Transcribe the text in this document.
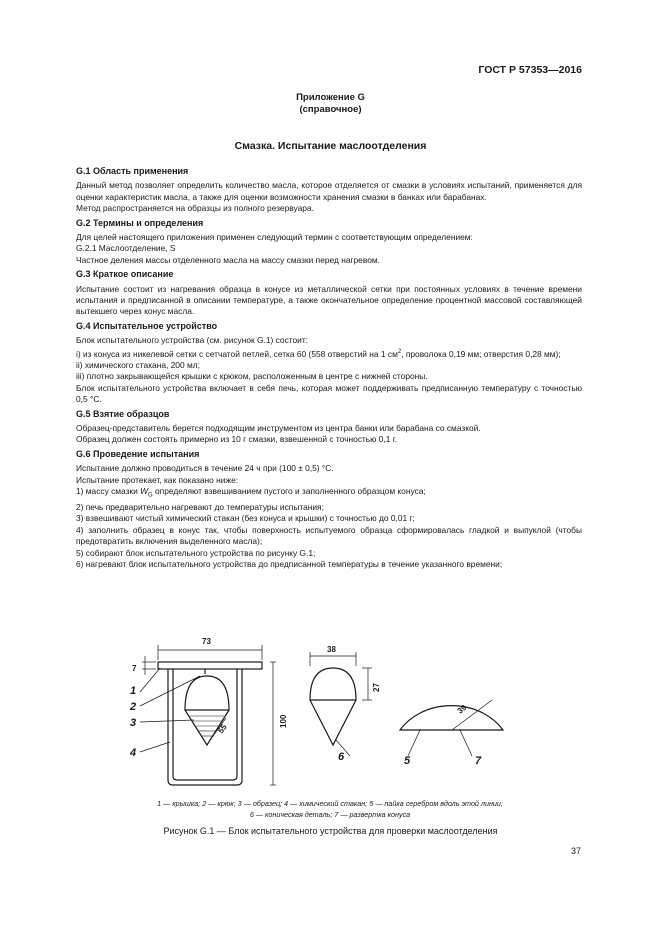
ГОСТ Р 57353—2016
Приложение G
(справочное)
Смазка. Испытание маслоотделения
G.1 Область применения
Данный метод позволяет определить количество масла, которое отделяется от смазки в условиях испытаний, применяется для оценки характеристик масла, а также для оценки возможности хранения смазки в банках или барабанах.
Метод распространяется на образцы из полного резервуара.
G.2 Термины и определения
Для целей настоящего приложения применен следующий термин с соответствующим определением:
G.2.1 Маслоотделение, S
Частное деления массы отделенного масла на массу смазки перед нагревом.
G.3 Краткое описание
Испытание состоит из нагревания образца в конусе из металлической сетки при постоянных условиях в течение времени испытания и предписанной в описании температуре, а также окончательное определение процентной массовой составляющей вытекшего через конус масла.
G.4 Испытательное устройство
Блок испытательного устройства (см. рисунок G.1) состоит:
i) из конуса из никелевой сетки с сетчатой петлей, сетка 60 (558 отверстий на 1 $см^2$, проволока 0,19 мм; отверстия 0,28 мм);
ii) химического стакана, 200 мл;
iii) плотно закрывающейся крышки с крюком, расположенным в центре с нижней стороны.
Блок испытательного устройства включает в себя печь, которая может поддерживать предписанную температуру с точностью 0,5 °С.
G.5 Взятие образцов
Образец-представитель берется подходящим инструментом из центра банки или барабана со смазкой.
Образец должен состоять примерно из 10 г смазки, взвешенной с точностью 0,1 г.
G.6 Проведение испытания
Испытание должно проводиться в течение 24 ч при (100 ± 0,5) °С.
Испытание протекает, как показано ниже:
1) массу смазки $W_G$ определяют взвешиванием пустого и заполненного образцом конуса;
2) печь предварительно нагревают до температуры испытания;
3) взвешивают чистый химический стакан (без конуса и крышки) с точностью до 0,01 г;
4) заполнить образец в конус так, чтобы поверхность испытуемого образца сформировалась гладкой и выпуклой (чтобы предотвратить включения выделенного масла);
5) собирают блок испытательного устройства по рисунку G.1;
6) нагревают блок испытательного устройства до предписанной температуры в течение указанного времени;
73
7
100
38
27
55
39
1
2
3
4
5
6	7
1 — крышка; 2 — крюк; 3 — образец; 4 — химический стакан; 5 — пайка серебром вдоль этой линии;
6 — коническая деталь; 7 — развертка конуса
Рисунок G.1 — Блок испытательного устройства для проверки маслоотделения
37
